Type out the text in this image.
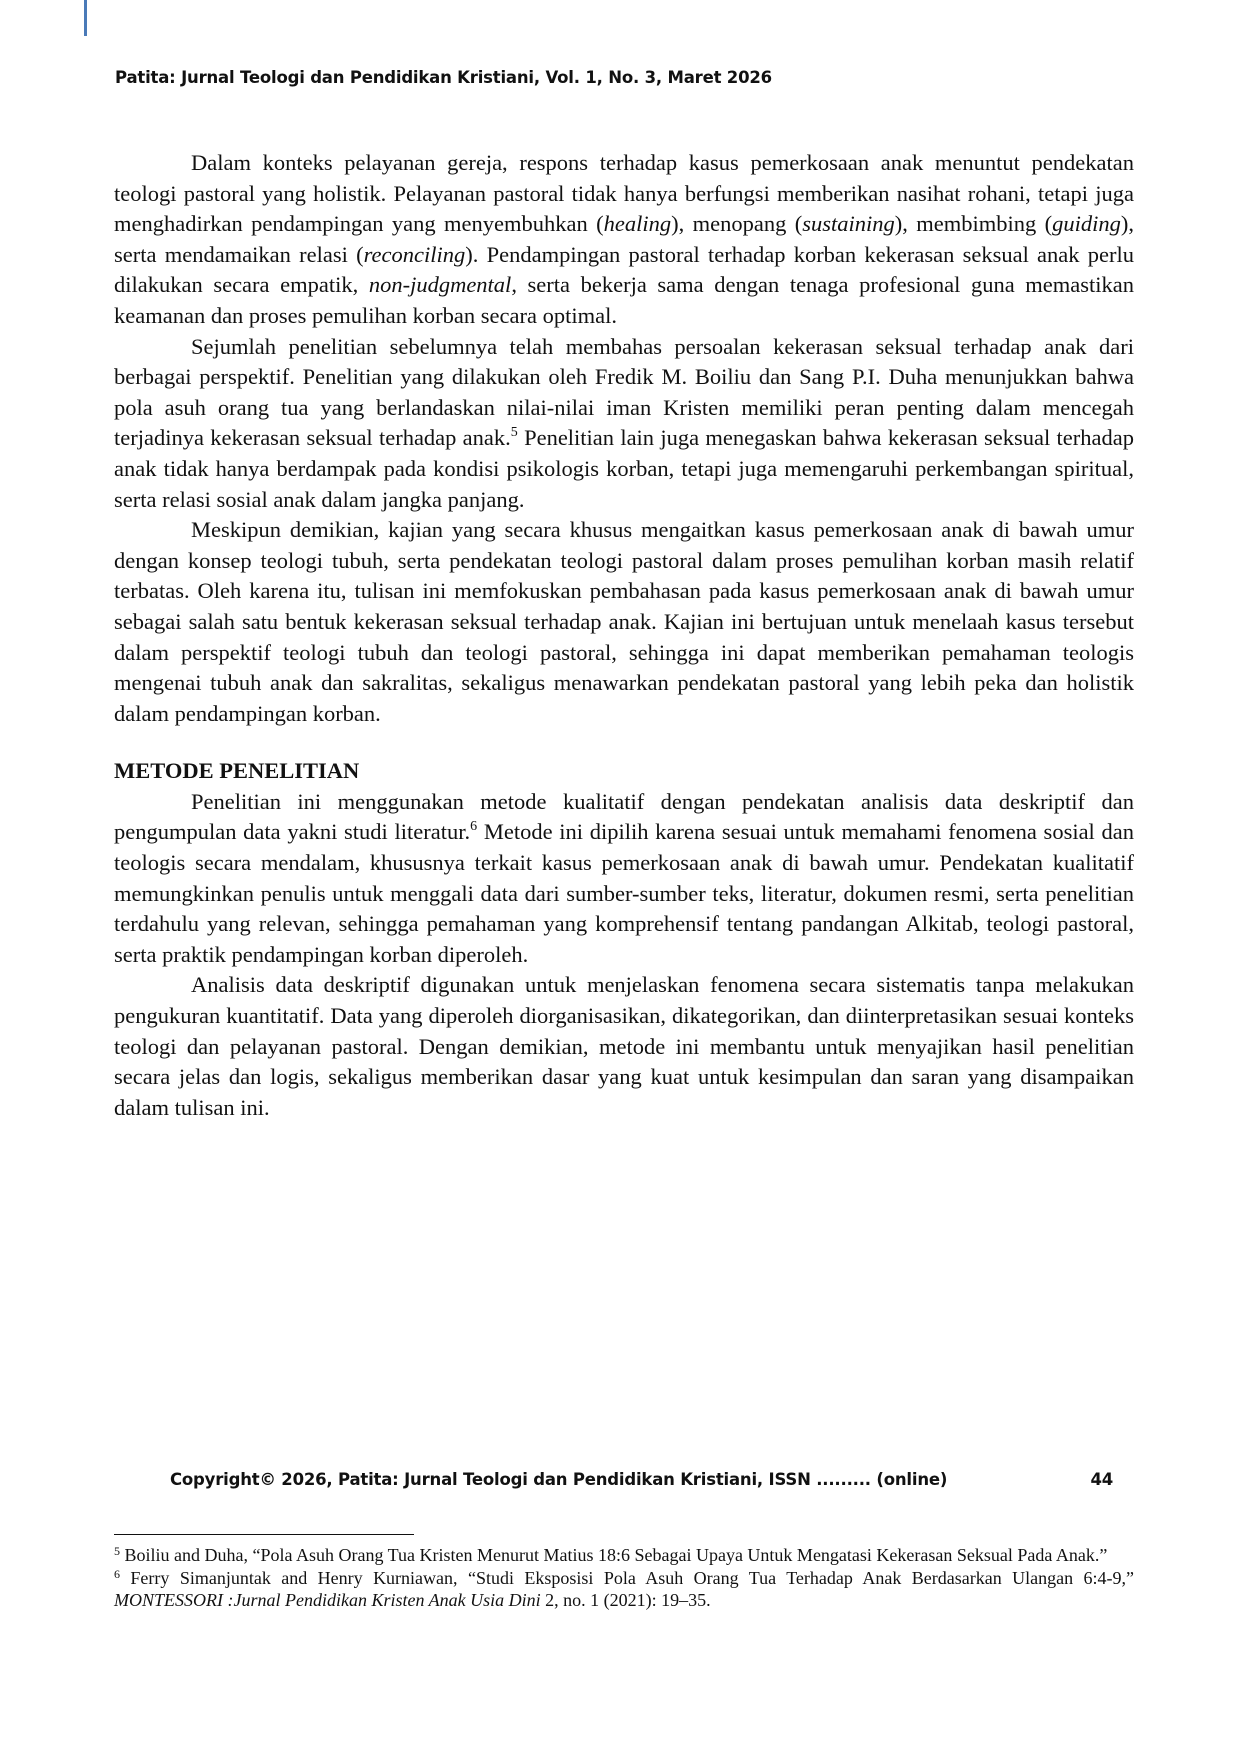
Patita: Jurnal Teologi dan Pendidikan Kristiani, Vol. 1, No. 3, Maret 2026

Dalam konteks pelayanan gereja, respons terhadap kasus pemerkosaan anak menuntut pendekatan teologi pastoral yang holistik. Pelayanan pastoral tidak hanya berfungsi memberikan nasihat rohani, tetapi juga menghadirkan pendampingan yang menyembuhkan (healing), menopang (sustaining), membimbing (guiding), serta mendamaikan relasi (reconciling). Pendampingan pastoral terhadap korban kekerasan seksual anak perlu dilakukan secara empatik, non-judgmental, serta bekerja sama dengan tenaga profesional guna memastikan keamanan dan proses pemulihan korban secara optimal.

Sejumlah penelitian sebelumnya telah membahas persoalan kekerasan seksual terhadap anak dari berbagai perspektif. Penelitian yang dilakukan oleh Fredik M. Boiliu dan Sang P.I. Duha menunjukkan bahwa pola asuh orang tua yang berlandaskan nilai-nilai iman Kristen memiliki peran penting dalam mencegah terjadinya kekerasan seksual terhadap anak.$^5$ Penelitian lain juga menegaskan bahwa kekerasan seksual terhadap anak tidak hanya berdampak pada kondisi psikologis korban, tetapi juga memengaruhi perkembangan spiritual, serta relasi sosial anak dalam jangka panjang.

Meskipun demikian, kajian yang secara khusus mengaitkan kasus pemerkosaan anak di bawah umur dengan konsep teologi tubuh, serta pendekatan teologi pastoral dalam proses pemulihan korban masih relatif terbatas. Oleh karena itu, tulisan ini memfokuskan pembahasan pada kasus pemerkosaan anak di bawah umur sebagai salah satu bentuk kekerasan seksual terhadap anak. Kajian ini bertujuan untuk menelaah kasus tersebut dalam perspektif teologi tubuh dan teologi pastoral, sehingga ini dapat memberikan pemahaman teologis mengenai tubuh anak dan sakralitas, sekaligus menawarkan pendekatan pastoral yang lebih peka dan holistik dalam pendampingan korban.

METODE PENELITIAN

Penelitian ini menggunakan metode kualitatif dengan pendekatan analisis data deskriptif dan pengumpulan data yakni studi literatur.$^6$ Metode ini dipilih karena sesuai untuk memahami fenomena sosial dan teologis secara mendalam, khususnya terkait kasus pemerkosaan anak di bawah umur. Pendekatan kualitatif memungkinkan penulis untuk menggali data dari sumber-sumber teks, literatur, dokumen resmi, serta penelitian terdahulu yang relevan, sehingga pemahaman yang komprehensif tentang pandangan Alkitab, teologi pastoral, serta praktik pendampingan korban diperoleh.

Analisis data deskriptif digunakan untuk menjelaskan fenomena secara sistematis tanpa melakukan pengukuran kuantitatif. Data yang diperoleh diorganisasikan, dikategorikan, dan diinterpretasikan sesuai konteks teologi dan pelayanan pastoral. Dengan demikian, metode ini membantu untuk menyajikan hasil penelitian secara jelas dan logis, sekaligus memberikan dasar yang kuat untuk kesimpulan dan saran yang disampaikan dalam tulisan ini.

Copyright© 2026, Patita: Jurnal Teologi dan Pendidikan Kristiani, ISSN ......... (online)	44

$^5$ Boiliu and Duha, “Pola Asuh Orang Tua Kristen Menurut Matius 18:6 Sebagai Upaya Untuk Mengatasi Kekerasan Seksual Pada Anak.”

$^6$ Ferry Simanjuntak and Henry Kurniawan, “Studi Eksposisi Pola Asuh Orang Tua Terhadap Anak Berdasarkan Ulangan 6:4-9,” MONTESSORI :Jurnal Pendidikan Kristen Anak Usia Dini 2, no. 1 (2021): 19–35.
